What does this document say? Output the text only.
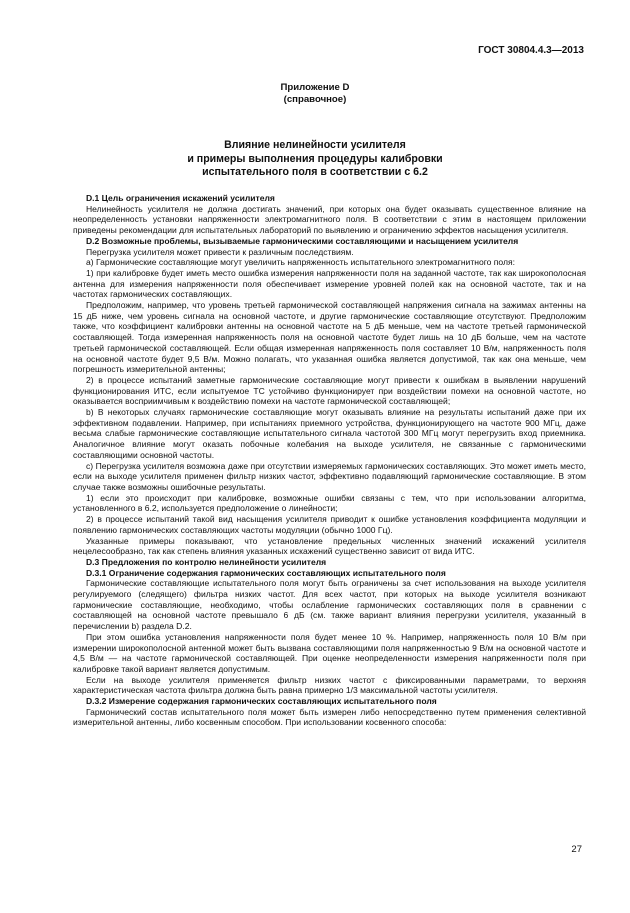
ГОСТ 30804.4.3—2013
Приложение D
(справочное)
Влияние нелинейности усилителя
и примеры выполнения процедуры калибровки
испытательного поля в соответствии с 6.2

D.1 Цель ограничения искажений усилителя

Нелинейность усилителя не должна достигать значений, при которых она будет оказывать существенное влияние на неопределенность установки напряженности электромагнитного поля. В соответствии с этим в настоящем приложении приведены рекомендации для испытательных лабораторий по выявлению и ограничению эффектов насыщения усилителя.

D.2 Возможные проблемы, вызываемые гармоническими составляющими и насыщением усилителя

Перегрузка усилителя может привести к различным последствиям.

а) Гармонические составляющие могут увеличить напряженность испытательного электромагнитного поля:

1) при калибровке будет иметь место ошибка измерения напряженности поля на заданной частоте, так как широкополосная антенна для измерения напряженности поля обеспечивает измерение уровней полей как на основной частоте, так и на частотах гармонических составляющих.

Предположим, например, что уровень третьей гармонической составляющей напряжения сигнала на зажимах антенны на 15 дБ ниже, чем уровень сигнала на основной частоте, и другие гармонические составляющие отсутствуют. Предположим также, что коэффициент калибровки антенны на основной частоте на 5 дБ меньше, чем на частоте третьей гармонической составляющей. Тогда измеренная напряженность поля на основной частоте будет лишь на 10 дБ больше, чем на частоте третьей гармонической составляющей. Если общая измеренная напряженность поля составляет 10 В/м, напряженность поля на основной частоте будет 9,5 В/м. Можно полагать, что указанная ошибка является допустимой, так как она меньше, чем погрешность измерительной антенны;

2) в процессе испытаний заметные гармонические составляющие могут привести к ошибкам в выявлении нарушений функционирования ИТС, если испытуемое ТС устойчиво функционирует при воздействии помехи на основной частоте, но оказывается восприимчивым к воздействию помехи на частоте гармонической составляющей;

b) В некоторых случаях гармонические составляющие могут оказывать влияние на результаты испытаний даже при их эффективном подавлении. Например, при испытаниях приемного устройства, функционирующего на частоте 900 МГц, даже весьма слабые гармонические составляющие испытательного сигнала частотой 300 МГц могут перегрузить вход приемника. Аналогичное влияние могут оказать побочные колебания на выходе усилителя, не связанные с гармоническими составляющими основной частоты.

с) Перегрузка усилителя возможна даже при отсутствии измеряемых гармонических составляющих. Это может иметь место, если на выходе усилителя применен фильтр низких частот, эффективно подавляющий гармонические составляющие. В этом случае также возможны ошибочные результаты.

1) если это происходит при калибровке, возможные ошибки связаны с тем, что при использовании алгоритма, установленного в 6.2, используется предположение о линейности;

2) в процессе испытаний такой вид насыщения усилителя приводит к ошибке установления коэффициента модуляции и появлению гармонических составляющих частоты модуляции (обычно 1000 Гц).

Указанные примеры показывают, что установление предельных численных значений искажений усилителя нецелесообразно, так как степень влияния указанных искажений существенно зависит от вида ИТС.

D.3 Предложения по контролю нелинейности усилителя

D.3.1 Ограничение содержания гармонических составляющих испытательного поля

Гармонические составляющие испытательного поля могут быть ограничены за счет использования на выходе усилителя регулируемого (следящего) фильтра низких частот. Для всех частот, при которых на выходе усилителя возникают гармонические составляющие, необходимо, чтобы ослабление гармонических составляющих поля в сравнении с составляющей на основной частоте превышало 6 дБ (см. также вариант влияния перегрузки усилителя, указанный в перечислении b) раздела D.2.

При этом ошибка установления напряженности поля будет менее 10 %. Например, напряженность поля 10 В/м при измерении широкополосной антенной может быть вызвана составляющими поля напряженностью 9 В/м на основной частоте и 4,5 В/м — на частоте гармонической составляющей. При оценке неопределенности измерения напряженности поля при калибровке такой вариант является допустимым.

Если на выходе усилителя применяется фильтр низких частот с фиксированными параметрами, то верхняя характеристическая частота фильтра должна быть равна примерно 1/3 максимальной частоты усилителя.

D.3.2 Измерение содержания гармонических составляющих испытательного поля

Гармонический состав испытательного поля может быть измерен либо непосредственно путем применения селективной измерительной антенны, либо косвенным способом. При использовании косвенного способа:

27
